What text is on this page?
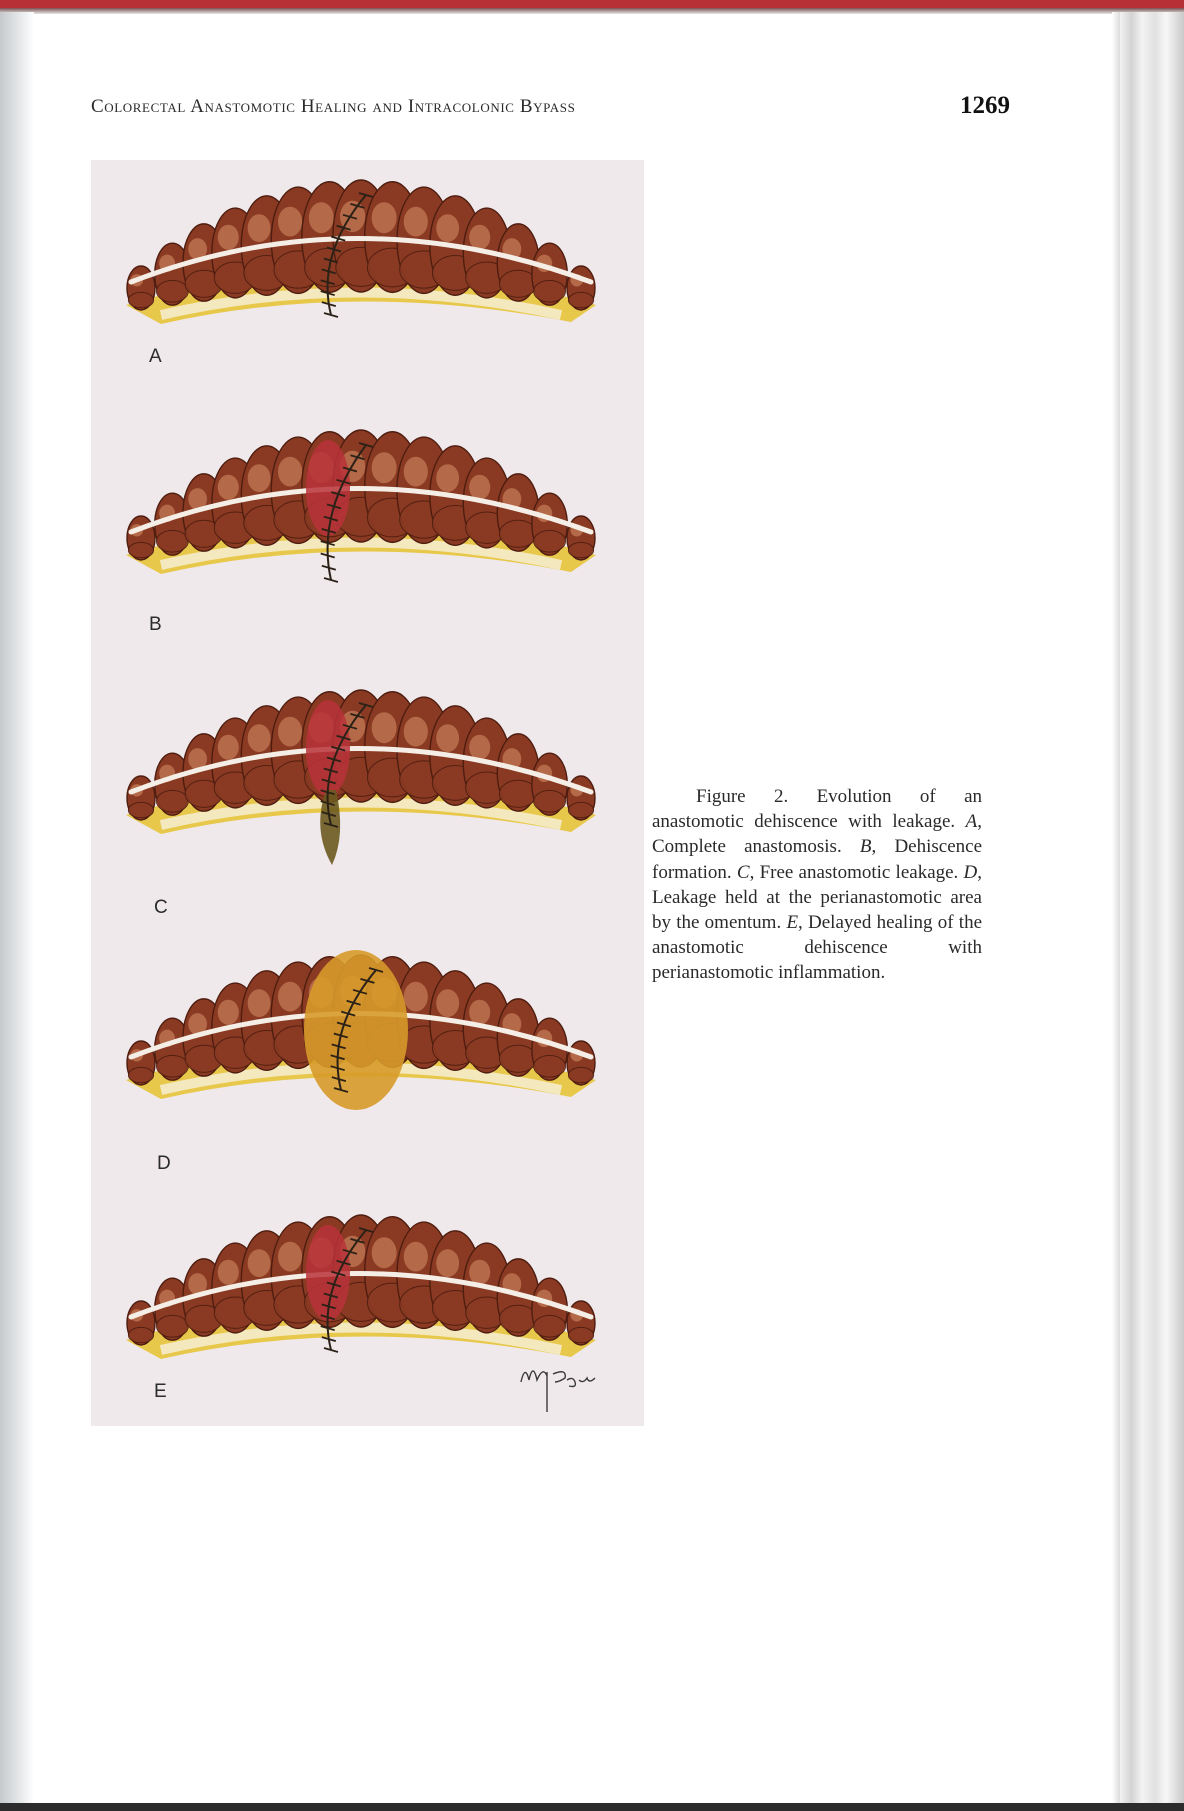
Colorectal Anastomotic Healing and Intracolonic Bypass	1269
A
B
C
D
E
Figure 2. Evolution of an anastomotic dehiscence with leakage. A, Complete anastomosis. B, Dehiscence formation. C, Free anastomotic leakage. D, Leakage held at the perianastomotic area by the omentum. E, Delayed healing of the anastomotic dehiscence with perianastomotic inflammation.
